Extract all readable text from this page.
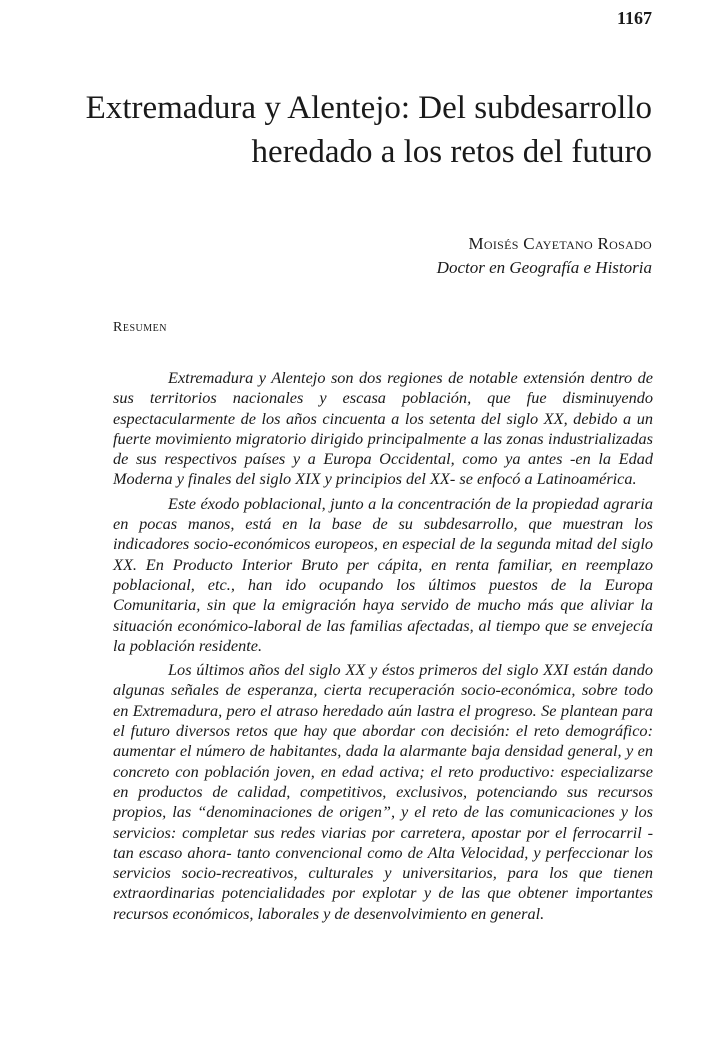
1167
Extremadura y Alentejo: Del subdesarrollo heredado a los retos del futuro
Moisés Cayetano Rosado
Doctor en Geografía e Historia
Resumen

Extremadura y Alentejo son dos regiones de notable extensión dentro de sus territorios nacionales y escasa población, que fue disminuyendo espectacularmente de los años cincuenta a los setenta del siglo XX, debido a un fuerte movimiento migratorio dirigido principalmente a las zonas industrializadas de sus respectivos países y a Europa Occidental, como ya antes -en la Edad Moderna y finales del siglo XIX y principios del XX- se enfocó a Latinoamérica.

Este éxodo poblacional, junto a la concentración de la propiedad agraria en pocas manos, está en la base de su subdesarrollo, que muestran los indicadores socio-económicos europeos, en especial de la segunda mitad del siglo XX. En Producto Interior Bruto per cápita, en renta familiar, en reemplazo poblacional, etc., han ido ocupando los últimos puestos de la Europa Comunitaria, sin que la emigración haya servido de mucho más que aliviar la situación económico-laboral de las familias afectadas, al tiempo que se envejecía la población residente.

Los últimos años del siglo XX y éstos primeros del siglo XXI están dando algunas señales de esperanza, cierta recuperación socio-económica, sobre todo en Extremadura, pero el atraso heredado aún lastra el progreso. Se plantean para el futuro diversos retos que hay que abordar con decisión: el reto demográfico: aumentar el número de habitantes, dada la alarmante baja densidad general, y en concreto con población joven, en edad activa; el reto productivo: especializarse en productos de calidad, competitivos, exclusivos, potenciando sus recursos propios, las “denominaciones de origen”, y el reto de las comunicaciones y los servicios: completar sus redes viarias por carretera, apostar por el ferrocarril -tan escaso ahora- tanto convencional como de Alta Velocidad, y perfeccionar los servicios socio-recreativos, culturales y universitarios, para los que tienen extraordinarias potencialidades por explotar y de las que obtener importantes recursos económicos, laborales y de desenvolvimiento en general.
